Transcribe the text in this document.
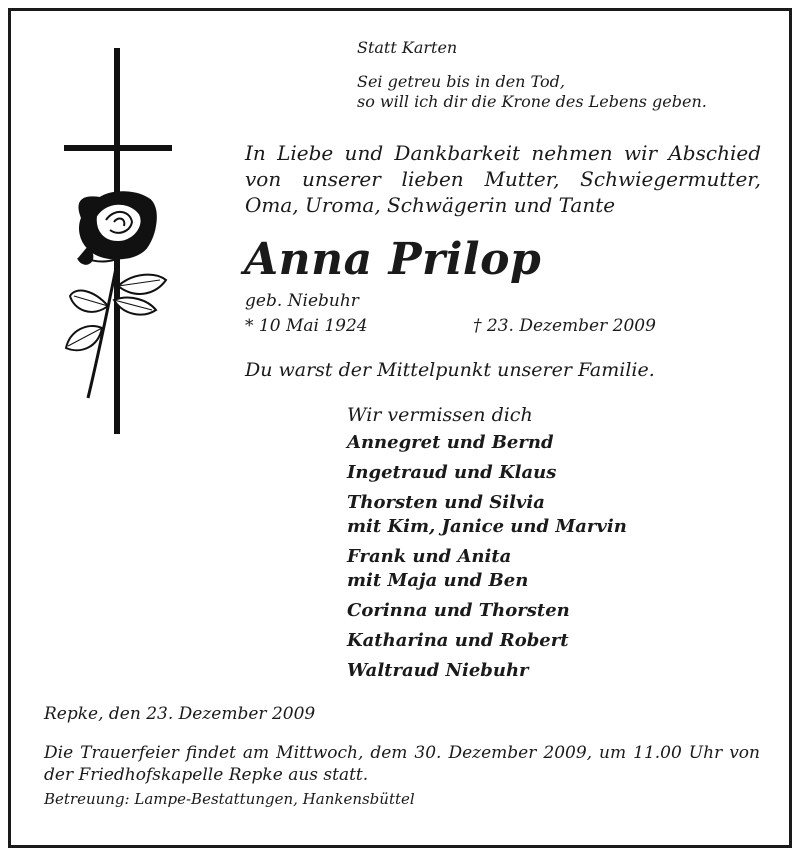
Statt Karten
Sei getreu bis in den Tod,
so will ich dir die Krone des Lebens geben.
In Liebe und Dankbarkeit nehmen wir Abschied von unserer lieben Mutter, Schwiegermutter, Oma, Uroma, Schwägerin und Tante
Anna Prilop
geb. Niebuhr
* 10 Mai 1924	† 23. Dezember 2009
Du warst der Mittelpunkt unserer Familie.
Wir vermissen dich
Annegret und Bernd
Ingetraud und Klaus
Thorsten und Silvia
mit Kim, Janice und Marvin
Frank und Anita
mit Maja und Ben
Corinna und Thorsten
Katharina und Robert
Waltraud Niebuhr
Repke, den 23. Dezember 2009
Die Trauerfeier findet am Mittwoch, dem 30. Dezember 2009, um 11.00 Uhr von der Friedhofskapelle Repke aus statt.
Betreuung: Lampe-Bestattungen, Hankensbüttel
